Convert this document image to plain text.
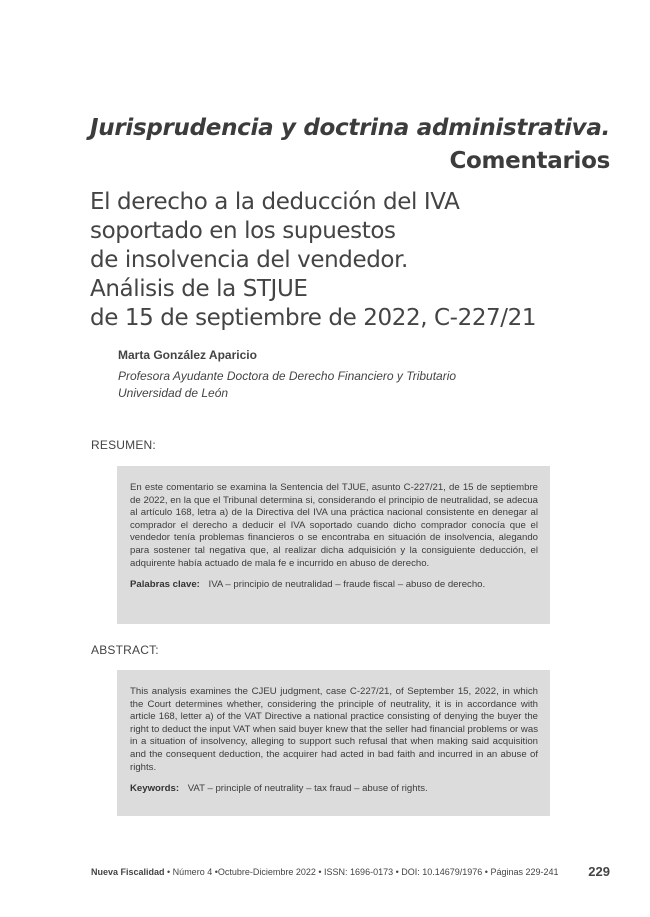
Jurisprudencia y doctrina administrativa.
Comentarios
El derecho a la deducción del IVA
soportado en los supuestos
de insolvencia del vendedor.
Análisis de la STJUE
de 15 de septiembre de 2022, C-227/21
Marta González Aparicio
Profesora Ayudante Doctora de Derecho Financiero y Tributario
Universidad de León
RESUMEN:

En este comentario se examina la Sentencia del TJUE, asunto C-227/21, de 15 de septiembre de 2022, en la que el Tribunal determina si, considerando el principio de neutralidad, se adecua al artículo 168, letra a) de la Directiva del IVA una práctica nacional consistente en denegar al comprador el derecho a deducir el IVA soportado cuando dicho comprador conocía que el vendedor tenía problemas financieros o se encontraba en situación de insolvencia, alegando para sostener tal negativa que, al realizar dicha adquisición y la consiguiente deducción, el adquirente había actuado de mala fe e incurrido en abuso de derecho.

Palabras clave: IVA – principio de neutralidad – fraude fiscal – abuso de derecho.

ABSTRACT:

This analysis examines the CJEU judgment, case C-227/21, of September 15, 2022, in which the Court determines whether, considering the principle of neutrality, it is in accordance with article 168, letter a) of the VAT Directive a national practice consisting of denying the buyer the right to deduct the input VAT when said buyer knew that the seller had financial problems or was in a situation of insolvency, alleging to support such refusal that when making said acquisition and the consequent deduction, the acquirer had acted in bad faith and incurred in an abuse of rights.

Keywords: VAT – principle of neutrality – tax fraud – abuse of rights.

Nueva Fiscalidad • Número 4 •Octubre-Diciembre 2022 • ISSN: 1696-0173 • DOI: 10.14679/1976 • Páginas 229-241 229
